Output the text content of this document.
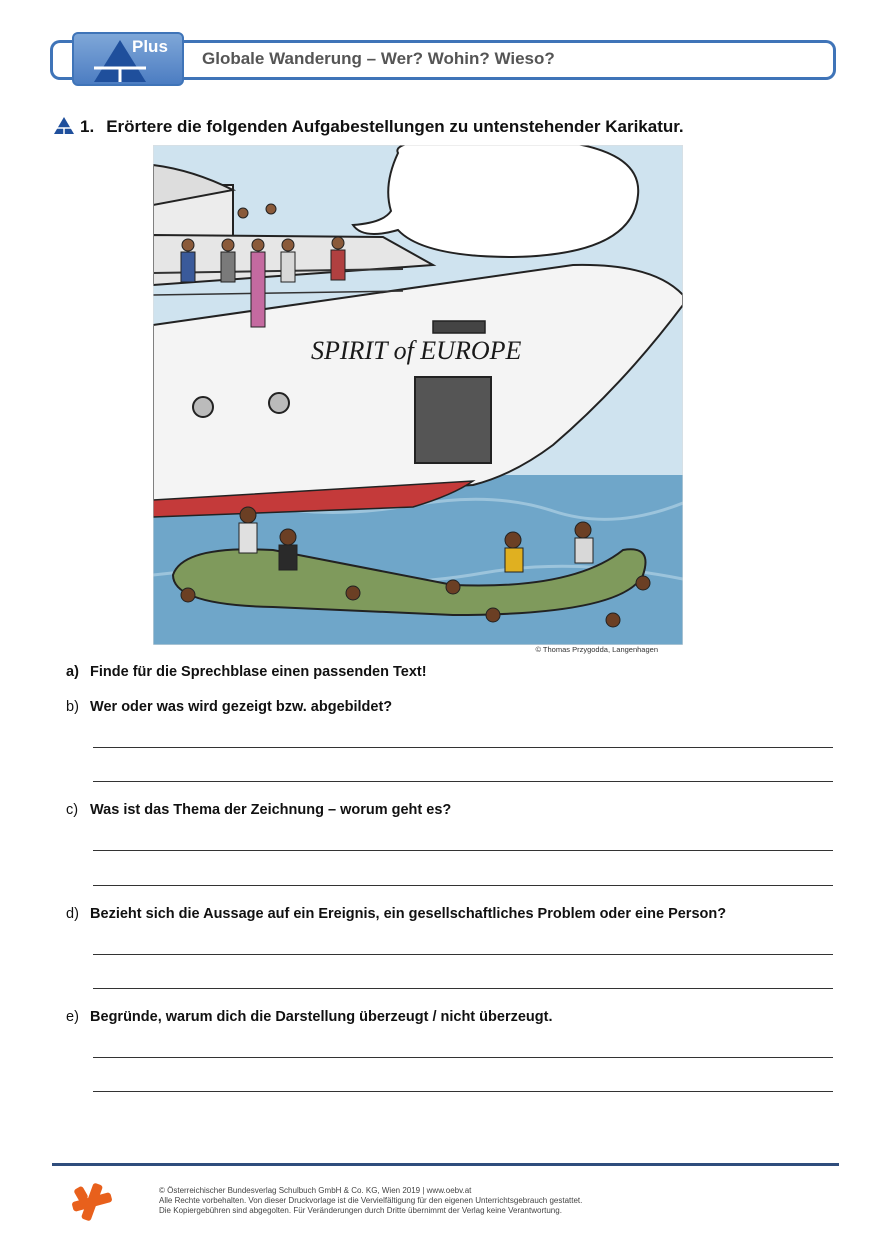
Plus
Globale Wanderung – Wer? Wohin? Wieso?
1. Erörtere die folgenden Aufgabestellungen zu untenstehender Karikatur.
SPIRIT of EUROPE
© Thomas Przygodda, Langenhagen
a) Finde für die Sprechblase einen passenden Text!
b) Wer oder was wird gezeigt bzw. abgebildet?
c) Was ist das Thema der Zeichnung – worum geht es?
d) Bezieht sich die Aussage auf ein Ereignis, ein gesellschaftliches Problem oder eine Person?
e) Begründe, warum dich die Darstellung überzeugt / nicht überzeugt.
© Österreichischer Bundesverlag Schulbuch GmbH & Co. KG, Wien 2019 | www.oebv.at
Alle Rechte vorbehalten. Von dieser Druckvorlage ist die Vervielfältigung für den eigenen Unterrichtsgebrauch gestattet.
Die Kopiergebühren sind abgegolten. Für Veränderungen durch Dritte übernimmt der Verlag keine Verantwortung.
